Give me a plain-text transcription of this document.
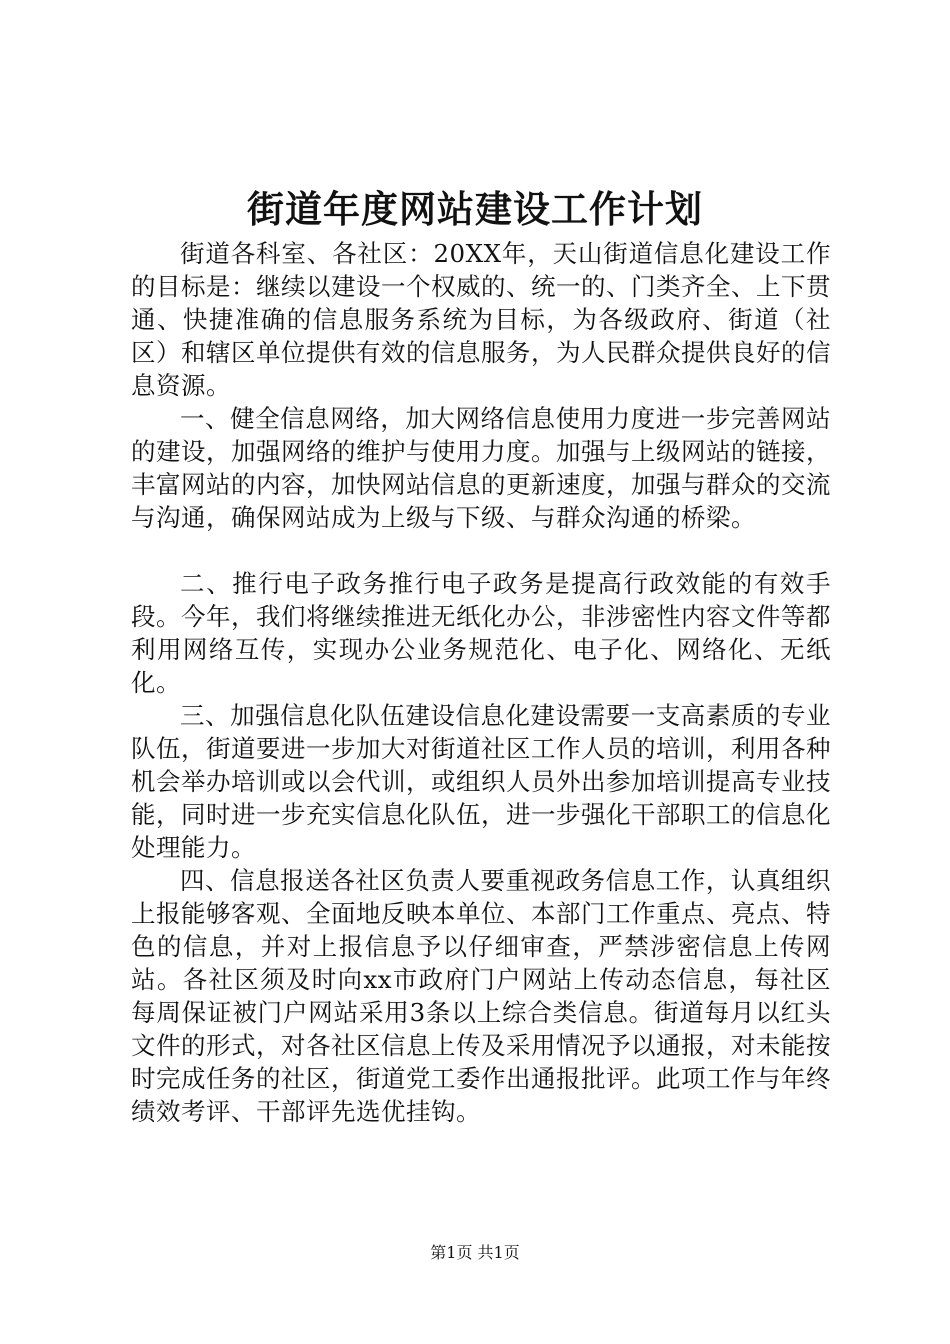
街道年度网站建设工作计划

街道各科室、各社区：20XX年，天山街道信息化建设工作的目标是：继续以建设一个权威的、统一的、门类齐全、上下贯通、快捷准确的信息服务系统为目标，为各级政府、街道（社区）和辖区单位提供有效的信息服务，为人民群众提供良好的信息资源。

一、健全信息网络，加大网络信息使用力度进一步完善网站的建设，加强网络的维护与使用力度。加强与上级网站的链接，丰富网站的内容，加快网站信息的更新速度，加强与群众的交流与沟通，确保网站成为上级与下级、与群众沟通的桥梁。

二、推行电子政务推行电子政务是提高行政效能的有效手段。今年，我们将继续推进无纸化办公，非涉密性内容文件等都利用网络互传，实现办公业务规范化、电子化、网络化、无纸化。

三、加强信息化队伍建设信息化建设需要一支高素质的专业队伍，街道要进一步加大对街道社区工作人员的培训，利用各种机会举办培训或以会代训，或组织人员外出参加培训提高专业技能，同时进一步充实信息化队伍，进一步强化干部职工的信息化处理能力。

四、信息报送各社区负责人要重视政务信息工作，认真组织上报能够客观、全面地反映本单位、本部门工作重点、亮点、特色的信息，并对上报信息予以仔细审查，严禁涉密信息上传网站。各社区须及时向xx市政府门户网站上传动态信息，每社区每周保证被门户网站采用3条以上综合类信息。街道每月以红头文件的形式，对各社区信息上传及采用情况予以通报，对未能按时完成任务的社区，街道党工委作出通报批评。此项工作与年终绩效考评、干部评先选优挂钩。

第1页 共1页
